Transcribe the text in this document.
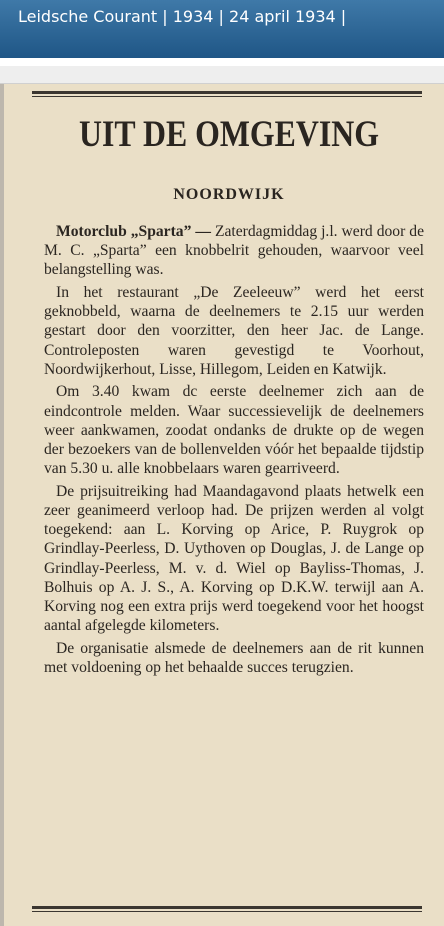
Leidsche Courant | 1934 | 24 april 1934 |
UIT DE OMGEVING
NOORDWIJK

Motorclub „Sparta” — Zaterdagmiddag j.l. werd door de M. C. „Sparta” een knobbelrit gehouden, waarvoor veel belangstelling was.

In het restaurant „De Zeeleeuw” werd het eerst geknobbeld, waarna de deelnemers te 2.15 uur werden gestart door den voorzitter, den heer Jac. de Lange. Controleposten waren gevestigd te Voorhout, Noordwijkerhout, Lisse, Hillegom, Leiden en Katwijk.

Om 3.40 kwam dc eerste deelnemer zich aan de eindcontrole melden. Waar successievelijk de deelnemers weer aankwamen, zoodat ondanks de drukte op de wegen der bezoekers van de bollenvelden vóór het bepaalde tijdstip van 5.30 u. alle knobbelaars waren gearriveerd.

De prijsuitreiking had Maandagavond plaats hetwelk een zeer geanimeerd verloop had. De prijzen werden al volgt toegekend: aan L. Korving op Arice, P. Ruygrok op Grindlay-Peerless, D. Uythoven op Douglas, J. de Lange op Grindlay-Peerless, M. v. d. Wiel op Bayliss-Thomas, J. Bolhuis op A. J. S., A. Korving op D.K.W. terwijl aan A. Korving nog een extra prijs werd toegekend voor het hoogst aantal afgelegde kilometers.

De organisatie alsmede de deelnemers aan de rit kunnen met voldoening op het behaalde succes terugzien.
